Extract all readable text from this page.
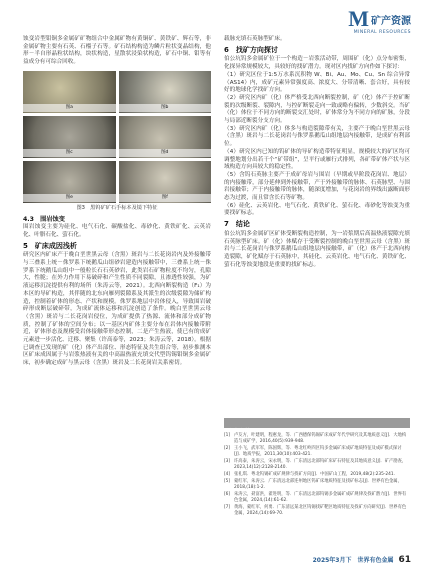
M 矿产资源
MINERAL RESOURCES

蚀变岩型钼铜多金属矿矿物组合中金属矿物有黄铜矿、黄铁矿、辉石等，非金属矿物主要有石英、石榴子石等。矿石结构构造为鳞片粒状变晶结构，他形－半自形晶粒状结构，块状构造，星散状浸染状构造，矿石中铜、钼等有益成分有可综合回收。

图a	图b
图c	图d
图e	图f
图3　黑钨矿矿石手标本及镜下特征
4.3　围岩蚀变

围岩蚀变主要为硅化、电气石化、碳酸盐化、毒砂化、黄铁矿化、云英岩化、叶腊石化、萤石化。

5　矿床成因浅析

研究区内矿床产于晚白垩世黑云母（含黑）斑岩与二长花岗岩内及外接触带与三叠系上统－侏罗系下统鹅瓜山组砂岩建造内接触带中，三叠系上统－侏罗系下统鹅瓜山组中一般粒长石石英砂岩，此类岩石矿物粒度不均匀，孔隙大，性脆；在外力作用下易破碎和产生性质不同裂隙，且渗透性较强，为矿液运移沉淀提供有利的场所（朱涛云等，2021）。北西向断裂构造（F₁）为本区的导矿构造，其伴随的北东向雁列裂隙系及其派生的次级裂隙为储矿构造，控制着矿体的形态、产状和规模。侏罗系地层中岩体侵入，导致围岩破碎形成断层破碎带，为成矿流体运移和沉淀创造了条件。晚白垩世黑云母（含黑）斑岩与二长花岗岩侵位，为成矿提供了热源、流体和部分成矿物质，控制了矿体的空间分布；以一基区内矿体主要分布在岩体内接触带附近，矿体形态及规模受岩体接触带形态控制，二是产生热液，使已有的成矿元素进一步活化、迁移、聚集（许高泰等，2023；朱涛云等，2018）。根据已调查已发现的矿（化）体产出部位、形态特征及共生组合等，初步推测本区矿床成因属于与岩浆热液有关的中高温热液充填交代型钨锡钼铜多金属矿床，初步确定成矿与黑云母（含黑）斑岩及二长花岗岩关系密切。

载脉充填石英脉型矿床。

6　找矿方向探讨

伯公坑钨多金属矿位于一个构造－岩浆活动带，周围矿（化）点分布密集，化探异常规模较大，具较好的找矿潜力。现对区内找矿方向作如下探讨：

（1）研究区位于1:5万水系沉积物 W、Bi、Au、Mo、Cu、Sn 综合异常（AS14）内，成矿元素异常强度高、浓度大、分带清晰、套合好，具有较好的地球化学找矿方向。

（2）研究区内矿（化）体严格受北西向断裂控制，矿（化）体产于控矿断裂的次级断裂、裂隙内，与控矿断裂走向一致或略有偏转，少数斜交。当矿（化）体位于不同方向的断裂交汇处时，矿体常分为不同方向的矿脉，分段与局部近断裂分支方向。

（3）研究区内矿（化）体多与构造裂隙带有关，主要产于晚白垩世黑云母（含黑）斑岩与二长花岗岩与侏罗系鹅瓜山组地层内接触带，是成矿有利部位。

（4）研究区内已知的钨矿体的导矿构造带特征明显，规模较大的矿区均可调整地划分出若干个“矿带组”，呈平行或雁行式排列，各矿带矿体产状与区域构造方向具较大的稳定性。

（5）含钨石英脉主要产于成矿母岩与围岩（早期或早阶段花岗岩、地层）的内接触带，部分延伸到外接触带，产于外接触带的脉体、石英脉型、与围岩接触带；产于内接触带的脉体，随深度增加，与花岗岩的界线出露断面形态为过渡，而且常含长石等矿物。

（6）硅化、云英岩化、电气石化、黄铁矿化、萤石化、毒砂化等蚀变为重要找矿标志。

7　结论

伯公坑钨多金属矿区矿体受断裂构造控制，为一岩浆期后高温热液裂隙充填石英脉型矿床。矿（化）体赋存于受断裂控制的晚白垩世黑云母（含黑）斑岩与二长花岗岩与侏罗系鹅瓜山组地层内接触带，矿（化）体产于北西向构造裂隙，矿化赋存于石英脉中，其硅化、云英岩化、电气石化、黄铁矿化、萤石化等蚀变地段是重要的找矿标志。

参考文献
[1] 卢友方，叶建明，程惠龙，等．广西德保钨锡矿床成矿年代学研究及其地质意义[J]．大地构造与成矿学，2016,40(5):939-948.
[2] 王小飞，武军军，陈国辉，等．粤北红岭四区钨多金属矿床成矿地质特征及成矿模式探讨[J]．地质学报，2011,30(10):403-421.
[3] 许高泰，朱涛云，宋永明，等．广东清远北部钨矿床矿石特征及其地质意义[J]．矿产勘查，2023,14(12):2128-2140.
[4] 张礼琪．粤北钨锡矿成矿规律与找矿方向[J]．中国矿山工程，2019,48(2):235-241.
[5] 蒙红军，朱涛云．广东清远北部连州地区钨矿床地质特征及找矿标志[J]．世界有色金属，2018,(18):1-2.
[6] 朱涛云，聂富洪，翟进明，等．广东清远北部钨锡多金属矿成矿规律及找矿潜力[J]．世界有色金属，2024,(14):61-62.
[7] 黄海，蒙红军，何勇．广东清远某北区钨锡找矿靶区地质特征及找矿方向研究[J]．世界有色金属，2024,(14):69-70.
2025年3月下　世界有色金属 61
